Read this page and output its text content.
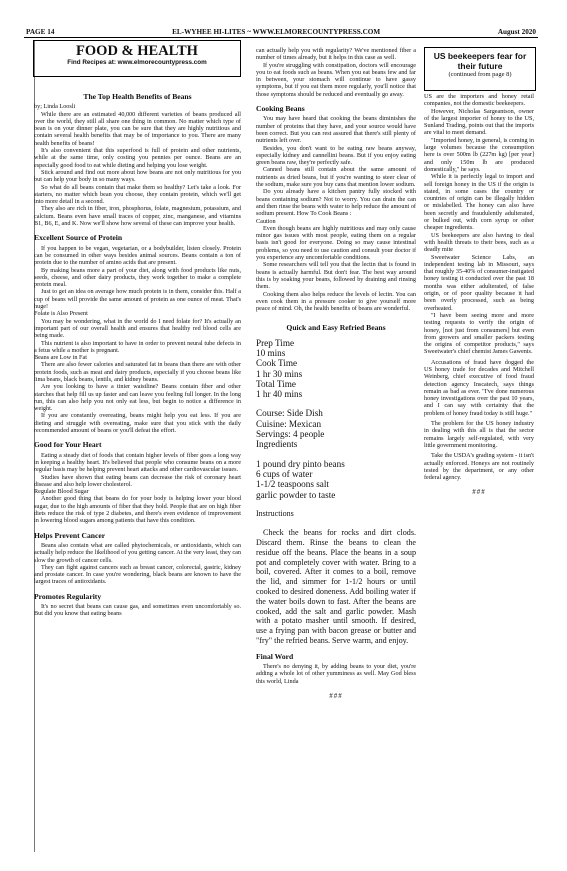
PAGE 14	EL-WYHEE HI-LITES ~ WWW.ELMORECOUNTYPRESS.COM	August 2020
FOOD & HEALTH
Find Recipes at: www.elmorecountypress.com
US beekeepers fear for their future
(continued from page 8)
The Top Health Benefits of Beans

by; Linda Loosli

While there are an estimated 40,000 different varieties of beans produced all over the world, they still all share one thing in common. No matter which type of bean is on your dinner plate, you can be sure that they are highly nutritious and contain several health benefits that may be of importance to you. There are many health benefits of beans!

It's also convenient that this superfood is full of protein and other nutrients, while at the same time, only costing you pennies per ounce. Beans are an especially good food to eat while dieting and helping you lose weight.

Stick around and find out more about how beans are not only nutritious for you but can help your body in so many ways.

So what do all beans contain that make them so healthy? Let's take a look. For starters, no matter which bean you choose, they contain protein, which we'll get into more detail in a second.

They also are rich in fiber, iron, phosphorus, folate, magnesium, potassium, and calcium. Beans even have small traces of copper, zinc, manganese, and vitamins B1, B6, E, and K. Now we'll show how several of these can improve your health.

Excellent Source of Protein

If you happen to be vegan, vegetarian, or a bodybuilder, listen closely. Protein can be consumed in other ways besides animal sources. Beans contain a ton of protein due to the number of amino acids that are present.

By making beans more a part of your diet, along with food products like nuts, seeds, cheese, and other dairy products, they work together to make a complete protein meal.

Just to get an idea on average how much protein is in them, consider this. Half a cup of beans will provide the same amount of protein as one ounce of meat. That's huge!

Folate is Also Present

You may be wondering, what in the world do I need folate for? It's actually an important part of our overall health and ensures that healthy red blood cells are being made.

This nutrient is also important to have in order to prevent neural tube defects in a fetus while a mother is pregnant.

Beans are Low in Fat

There are also fewer calories and saturated fat in beans than there are with other protein foods, such as meat and dairy products, especially if you choose beans like lima beans, black beans, lentils, and kidney beans.

Are you looking to have a tinier waistline? Beans contain fiber and other starches that help fill us up faster and can leave you feeling full longer. In the long run, this can also help you not only eat less, but begin to notice a difference in weight.

If you are constantly overeating, beans might help you eat less. If you are dieting and struggle with overeating, make sure that you stick with the daily recommended amount of beans or you'll defeat the effort.

Good for Your Heart

Eating a steady diet of foods that contain higher levels of fiber goes a long way in keeping a healthy heart. It's believed that people who consume beans on a more regular basis may be helping prevent heart attacks and other cardiovascular issues.

Studies have shown that eating beans can decrease the risk of coronary heart disease and also help lower cholesterol.

Regulate Blood Sugar

Another good thing that beans do for your body is helping lower your blood sugar, due to the high amounts of fiber that they hold. People that are on high fiber diets reduce the risk of type 2 diabetes, and there's even evidence of improvement in lowering blood sugars among patients that have this condition.

Helps Prevent Cancer

Beans also contain what are called phytochemicals, or antioxidants, which can actually help reduce the likelihood of you getting cancer. At the very least, they can slow the growth of cancer cells.

They can fight against cancers such as breast cancer, colorectal, gastric, kidney and prostate cancer. In case you're wondering, black beans are known to have the largest traces of antioxidants.

Promotes Regularity

It's no secret that beans can cause gas, and sometimes even uncomfortably so. But did you know that eating beans

can actually help you with regularity? We've mentioned fiber a number of times already, but it helps in this case as well.

If you're struggling with constipation, doctors will encourage you to eat foods such as beans. When you eat beans few and far in between, your stomach will continue to have gassy symptoms, but if you eat them more regularly, you'll notice that those symptoms should be reduced and eventually go away.

Cooking Beans

You may have heard that cooking the beans diminishes the number of proteins that they have, and your source would have been correct. But you can rest assured that there's still plenty of nutrients left over.

Besides, you don't want to be eating raw beans anyway, especially kidney and cannellini beans. But if you enjoy eating green beans raw, they're perfectly safe.

Canned beans still contain about the same amount of nutrients as dried beans, but if you're wanting to steer clear of the sodium, make sure you buy cans that mention lower sodium.

Do you already have a kitchen pantry fully stocked with beans containing sodium? Not to worry. You can drain the can and then rinse the beans with water to help reduce the amount of sodium present. How To Cook Beans :

Caution

Even though beans are highly nutritious and may only cause minor gas issues with most people, eating them on a regular basis isn't good for everyone. Doing so may cause intestinal problems, so you need to use caution and consult your doctor if you experience any uncomfortable conditions.

Some researchers will tell you that the lectin that is found in beans is actually harmful. But don't fear. The best way around this is by soaking your beans, followed by draining and rinsing them.

Cooking them also helps reduce the levels of lectin. You can even cook them in a pressure cooker to give yourself more peace of mind. Oh, the health benefits of beans are wonderful.

Quick and Easy Refried Beans

Prep Time

10 mins

Cook Time

1 hr 30 mins

Total Time

1 hr 40 mins

Course: Side Dish

Cuisine: Mexican

Servings: 4 people

Ingredients

1 pound dry pinto beans

6 cups of water

1-1/2 teaspoons salt

garlic powder to taste

Instructions

Check the beans for rocks and dirt clods. Discard them. Rinse the beans to clean the residue off the beans. Place the beans in a soup pot and completely cover with water. Bring to a boil, covered. After it comes to a boil, remove the lid, and simmer for 1-1/2 hours or until cooked to desired doneness. Add boiling water if the water boils down to fast. After the beans are cooked, add the salt and garlic powder. Mash with a potato masher until smooth. If desired, use a frying pan with bacon grease or butter and "fry" the refried beans. Serve warm, and enjoy.

Final Word

There's no denying it, by adding beans to your diet, you're adding a whole lot of other yumminess as well. May God bless this world, Linda

###

US are the importers and honey retail companies, not the domestic beekeepers.

However, Nicholas Sargeantson, owner of the largest importer of honey to the US, Sunland Trading, points out that the imports are vital to meet demand.

"Imported honey, in general, is coming in large volumes because the consumption here is over 500m lb (227m kg) [per year] and only 150m lb are produced domestically," he says.

While it is perfectly legal to import and sell foreign honey in the US if the origin is stated, in some cases the country or countries of origin can be illegally hidden or mislabelled. The honey can also have been secretly and fraudulently adulterated, or bulked out, with corn syrup or other cheaper ingredients.

US beekeepers are also having to deal with health threats to their bees, such as a deadly mite

Sweetwater Science Labs, an independent testing lab in Missouri, says that roughly 35-40% of consumer-instigated honey testing it conducted over the past 18 months was either adulterated, of false origin, or of poor quality because it had been overly processed, such as being overheated.

"I have been seeing more and more testing requests to verify the origin of honey, [not just from consumers] but even from growers and smaller packers testing the origins of competitor products," says Sweetwater's chief chemist James Gawenis.

Accusations of fraud have dogged the US honey trade for decades and Mitchell Weinberg, chief executive of food fraud detection agency Inscatech, says things remain as bad as ever. "I've done numerous honey investigations over the past 10 years, and I can say with certainty that the problem of honey fraud today is still huge."

The problem for the US honey industry in dealing with this all is that the sector remains largely self-regulated, with very little government monitoring.

Take the USDA's grading system - it isn't actually enforced. Honeys are not routinely tested by the department, or any other federal agency.

###
